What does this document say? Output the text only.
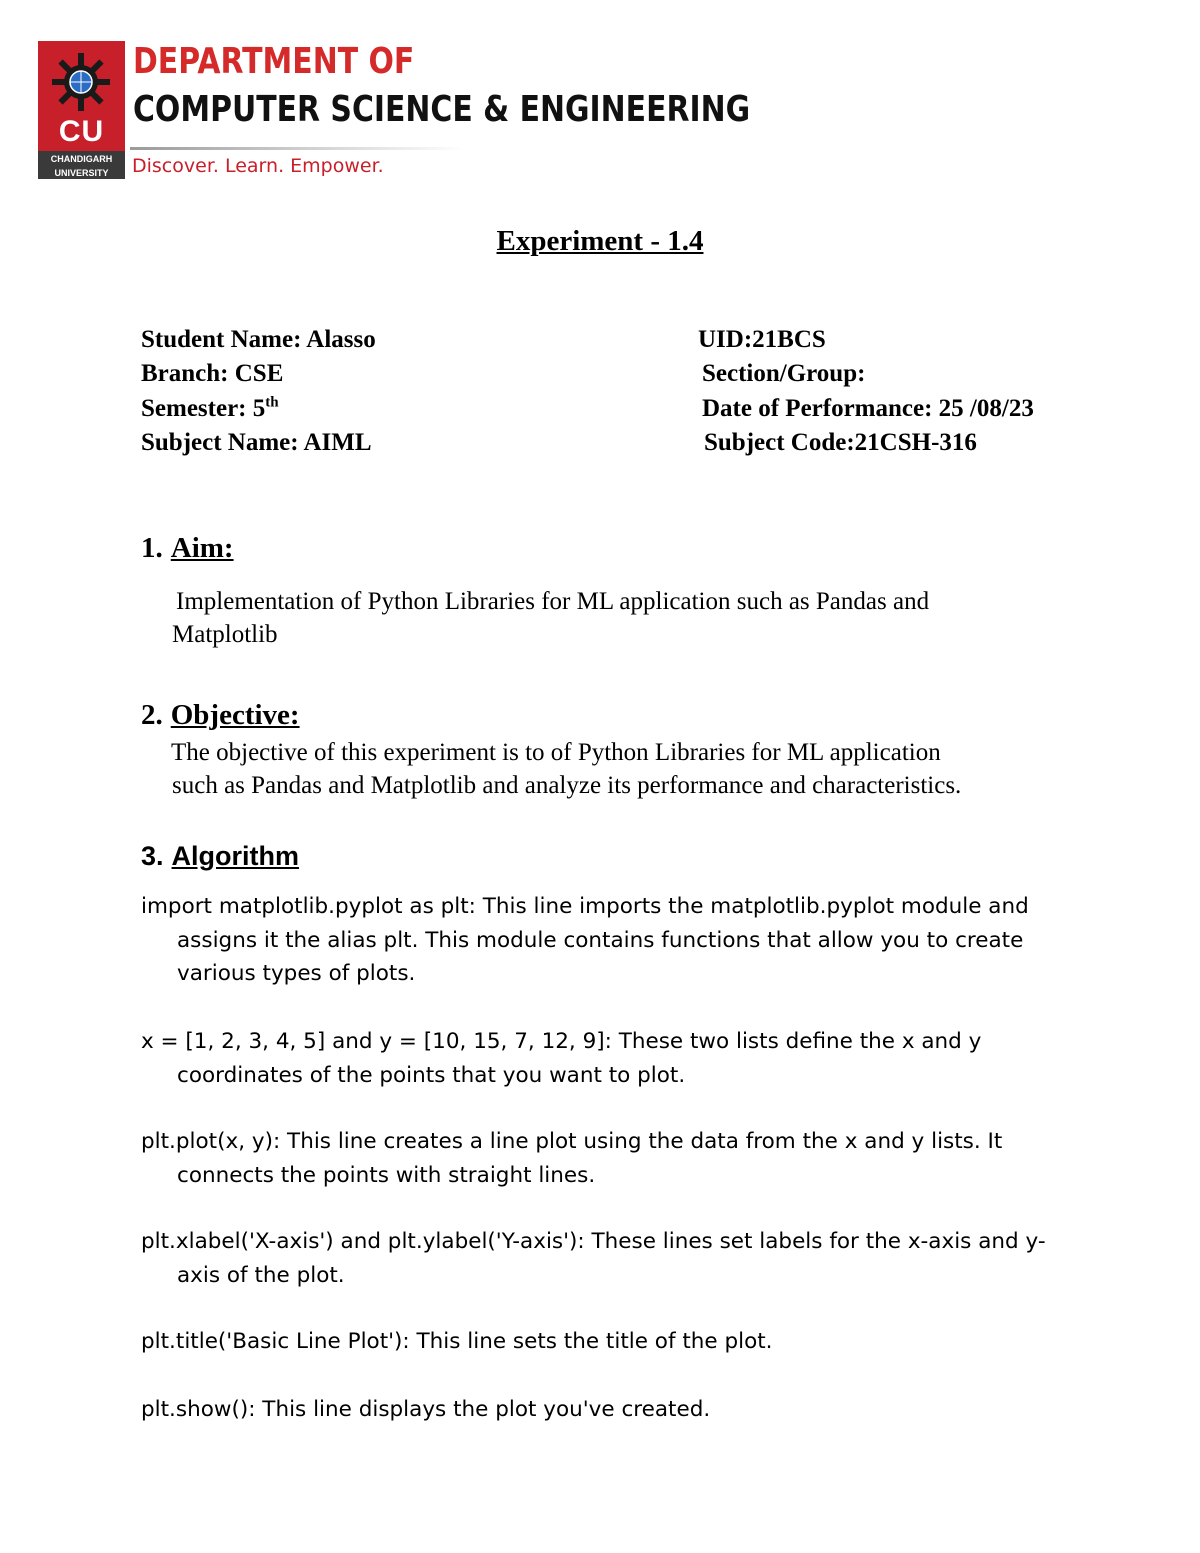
CU
CHANDIGARH
UNIVERSITY
DEPARTMENT OF
COMPUTER SCIENCE & ENGINEERING
Discover. Learn. Empower.
Experiment - 1.4
Student Name: Alasso	UID:21BCS
Branch: CSE	Section/Group:
Semester: 5th	Date of Performance: 25 /08/23
Subject Name: AIML	Subject Code:21CSH-316
1. Aim:
Implementation of Python Libraries for ML application such as Pandas and
Matplotlib
2. Objective:
The objective of this experiment is to of Python Libraries for ML application
such as Pandas and Matplotlib and analyze its performance and characteristics.
3. Algorithm
import matplotlib.pyplot as plt: This line imports the matplotlib.pyplot module and assigns it the alias plt. This module contains functions that allow you to create various types of plots.
x = [1, 2, 3, 4, 5] and y = [10, 15, 7, 12, 9]: These two lists define the x and y coordinates of the points that you want to plot.
plt.plot(x, y): This line creates a line plot using the data from the x and y lists. It connects the points with straight lines.
plt.xlabel('X-axis') and plt.ylabel('Y-axis'): These lines set labels for the x-axis and y-axis of the plot.
plt.title('Basic Line Plot'): This line sets the title of the plot.
plt.show(): This line displays the plot you've created.
